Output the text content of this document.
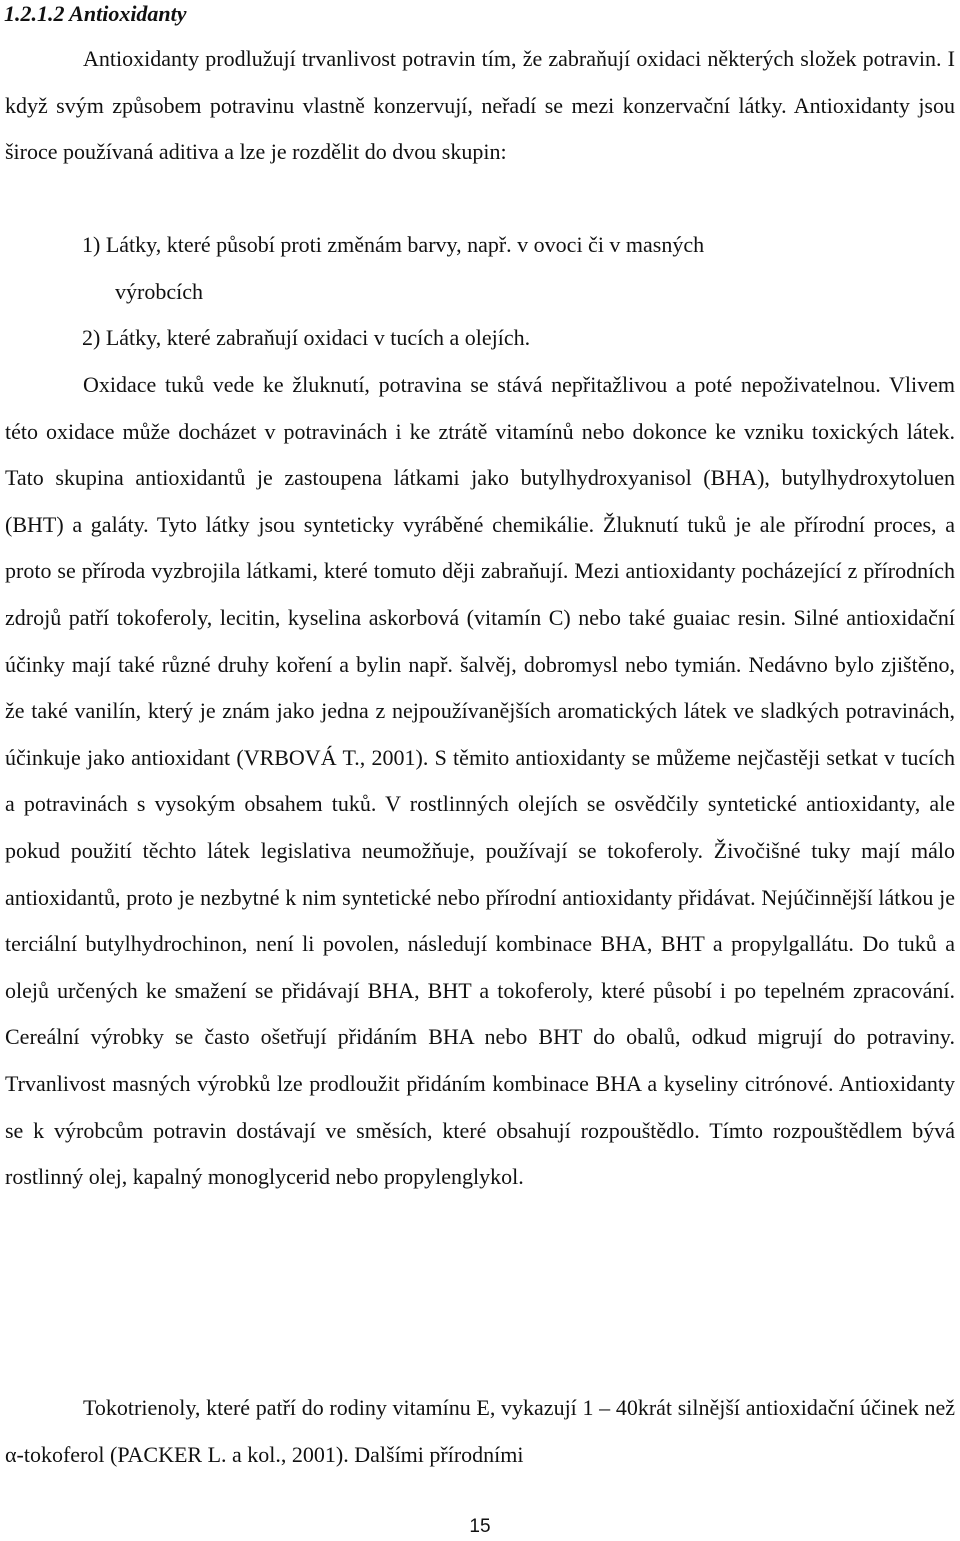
1.2.1.2 Antioxidanty

Antioxidanty prodlužují trvanlivost potravin tím, že zabraňují oxidaci některých složek potravin. I když svým způsobem potravinu vlastně konzervují, neřadí se mezi konzervační látky. Antioxidanty jsou široce používaná aditiva a lze je rozdělit do dvou skupin:

1) Látky, které působí proti změnám barvy, např. v ovoci či v masných
výrobcích
2) Látky, které zabraňují oxidaci v tucích a olejích.

Oxidace tuků vede ke žluknutí, potravina se stává nepřitažlivou a poté nepoživatelnou. Vlivem této oxidace může docházet v potravinách i ke ztrátě vitamínů nebo dokonce ke vzniku toxických látek. Tato skupina antioxidantů je zastoupena látkami jako butylhydroxyanisol (BHA), butylhydroxytoluen (BHT) a galáty. Tyto látky jsou synteticky vyráběné chemikálie. Žluknutí tuků je ale přírodní proces, a proto se příroda vyzbrojila látkami, které tomuto ději zabraňují. Mezi antioxidanty pocházející z přírodních zdrojů patří tokoferoly, lecitin, kyselina askorbová (vitamín C) nebo také guaiac resin. Silné antioxidační účinky mají také různé druhy koření a bylin např. šalvěj, dobromysl nebo tymián. Nedávno bylo zjištěno, že také vanilín, který je znám jako jedna z nejpoužívanějších aromatických látek ve sladkých potravinách, účinkuje jako antioxidant (VRBOVÁ T., 2001). S těmito antioxidanty se můžeme nejčastěji setkat v tucích a potravinách s vysokým obsahem tuků. V rostlinných olejích se osvědčily syntetické antioxidanty, ale pokud použití těchto látek legislativa neumožňuje, používají se tokoferoly. Živočišné tuky mají málo antioxidantů, proto je nezbytné k nim syntetické nebo přírodní antioxidanty přidávat. Nejúčinnější látkou je terciální butylhydrochinon, není li povolen, následují kombinace BHA, BHT a propylgallátu. Do tuků a olejů určených ke smažení se přidávají BHA, BHT a tokoferoly, které působí i po tepelném zpracování. Cereální výrobky se často ošetřují přidáním BHA nebo BHT do obalů, odkud migrují do potraviny. Trvanlivost masných výrobků lze prodloužit přidáním kombinace BHA a kyseliny citrónové. Antioxidanty se k výrobcům potravin dostávají ve směsích, které obsahují rozpouštědlo. Tímto rozpouštědlem bývá rostlinný olej, kapalný monoglycerid nebo propylenglykol.

Tokotrienoly, které patří do rodiny vitamínu E, vykazují 1 – 40krát silnější antioxidační účinek než α-tokoferol (PACKER L. a kol., 2001). Dalšími přírodními

15
